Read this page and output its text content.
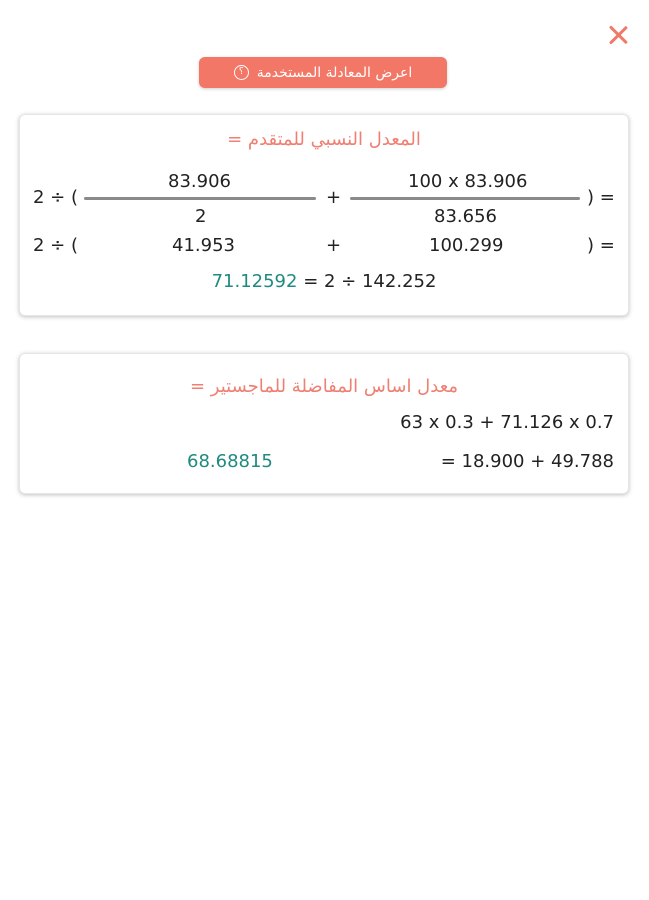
اعرض المعادلة المستخدمة
؟
المعدل النسبي للمتقدم =
2 ÷ (
83.906
2
+
100 x 83.906
83.656
) =
2 ÷ (	41.953	+	100.299	) =
71.12592 = 2 ÷ 142.252
معدل اساس المفاضلة للماجستير =
63 x 0.3 + 71.126 x 0.7
= 18.900 + 49.788
68.68815
